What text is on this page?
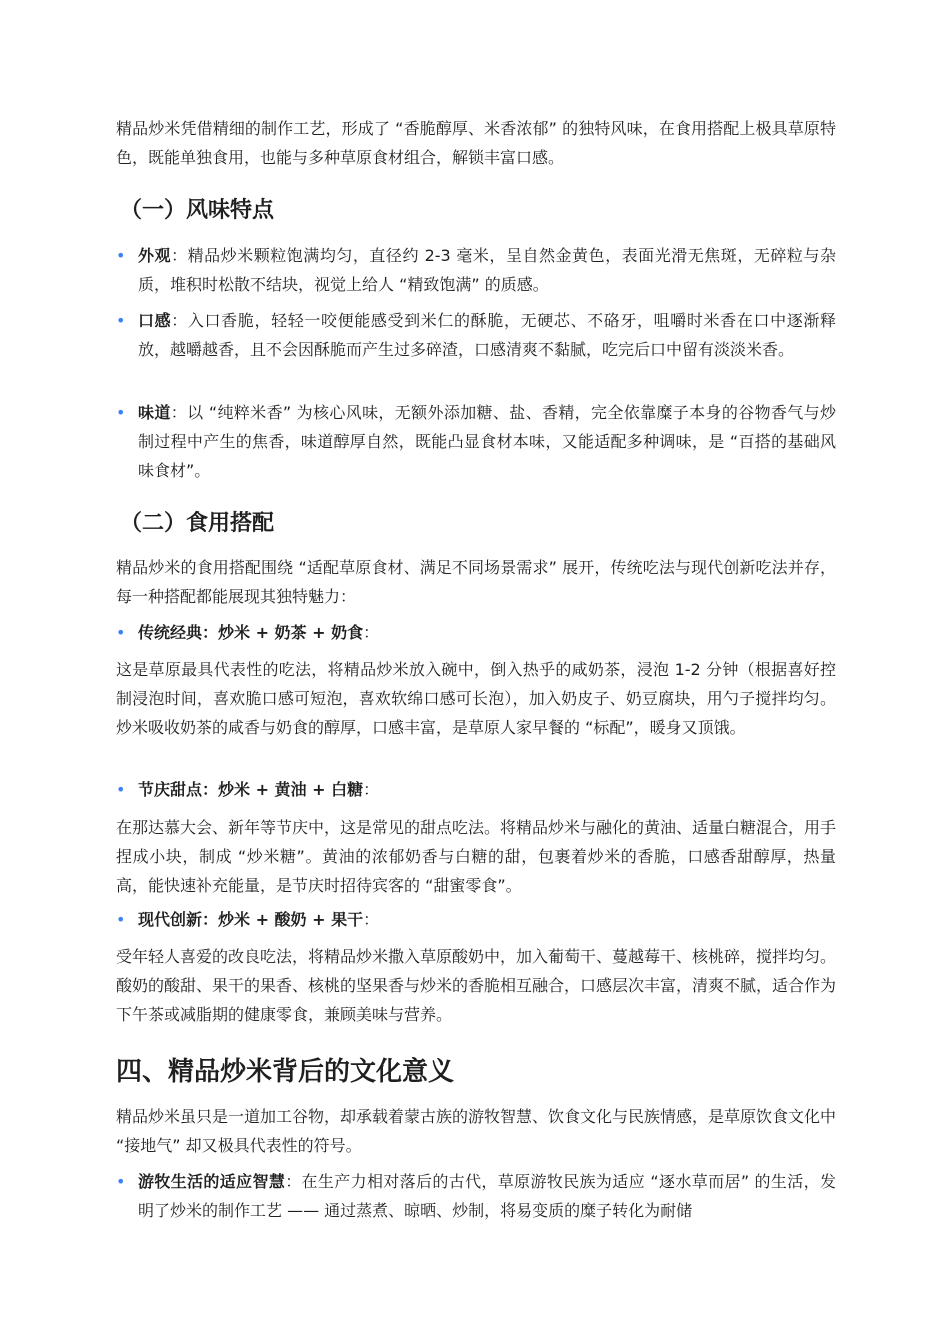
精品炒米凭借精细的制作工艺，形成了 “香脆醇厚、米香浓郁” 的独特风味，在食用搭配上极具草原特色，既能单独食用，也能与多种草原食材组合，解锁丰富口感。

（一）风味特点
• 外观：精品炒米颗粒饱满均匀，直径约 2-3 毫米，呈自然金黄色，表面光滑无焦斑，无碎粒与杂质，堆积时松散不结块，视觉上给人 “精致饱满” 的质感。
• 口感：入口香脆，轻轻一咬便能感受到米仁的酥脆，无硬芯、不硌牙，咀嚼时米香在口中逐渐释放，越嚼越香，且不会因酥脆而产生过多碎渣，口感清爽不黏腻，吃完后口中留有淡淡米香。
• 味道：以 “纯粹米香” 为核心风味，无额外添加糖、盐、香精，完全依靠糜子本身的谷物香气与炒制过程中产生的焦香，味道醇厚自然，既能凸显食材本味，又能适配多种调味，是 “百搭的基础风味食材”。
（二）食用搭配

精品炒米的食用搭配围绕 “适配草原食材、满足不同场景需求” 展开，传统吃法与现代创新吃法并存，每一种搭配都能展现其独特魅力：

• 传统经典：炒米 + 奶茶 + 奶食：

这是草原最具代表性的吃法，将精品炒米放入碗中，倒入热乎的咸奶茶，浸泡 1-2 分钟（根据喜好控制浸泡时间，喜欢脆口感可短泡，喜欢软绵口感可长泡），加入奶皮子、奶豆腐块，用勺子搅拌均匀。炒米吸收奶茶的咸香与奶食的醇厚，口感丰富，是草原人家早餐的 “标配”，暖身又顶饿。

• 节庆甜点：炒米 + 黄油 + 白糖：

在那达慕大会、新年等节庆中，这是常见的甜点吃法。将精品炒米与融化的黄油、适量白糖混合，用手捏成小块，制成 “炒米糖”。黄油的浓郁奶香与白糖的甜，包裹着炒米的香脆，口感香甜醇厚，热量高，能快速补充能量，是节庆时招待宾客的 “甜蜜零食”。

• 现代创新：炒米 + 酸奶 + 果干：

受年轻人喜爱的改良吃法，将精品炒米撒入草原酸奶中，加入葡萄干、蔓越莓干、核桃碎，搅拌均匀。酸奶的酸甜、果干的果香、核桃的坚果香与炒米的香脆相互融合，口感层次丰富，清爽不腻，适合作为下午茶或减脂期的健康零食，兼顾美味与营养。

四、精品炒米背后的文化意义

精品炒米虽只是一道加工谷物，却承载着蒙古族的游牧智慧、饮食文化与民族情感，是草原饮食文化中 “接地气” 却又极具代表性的符号。

• 游牧生活的适应智慧：在生产力相对落后的古代，草原游牧民族为适应 “逐水草而居” 的生活，发明了炒米的制作工艺 —— 通过蒸煮、晾晒、炒制，将易变质的糜子转化为耐储
